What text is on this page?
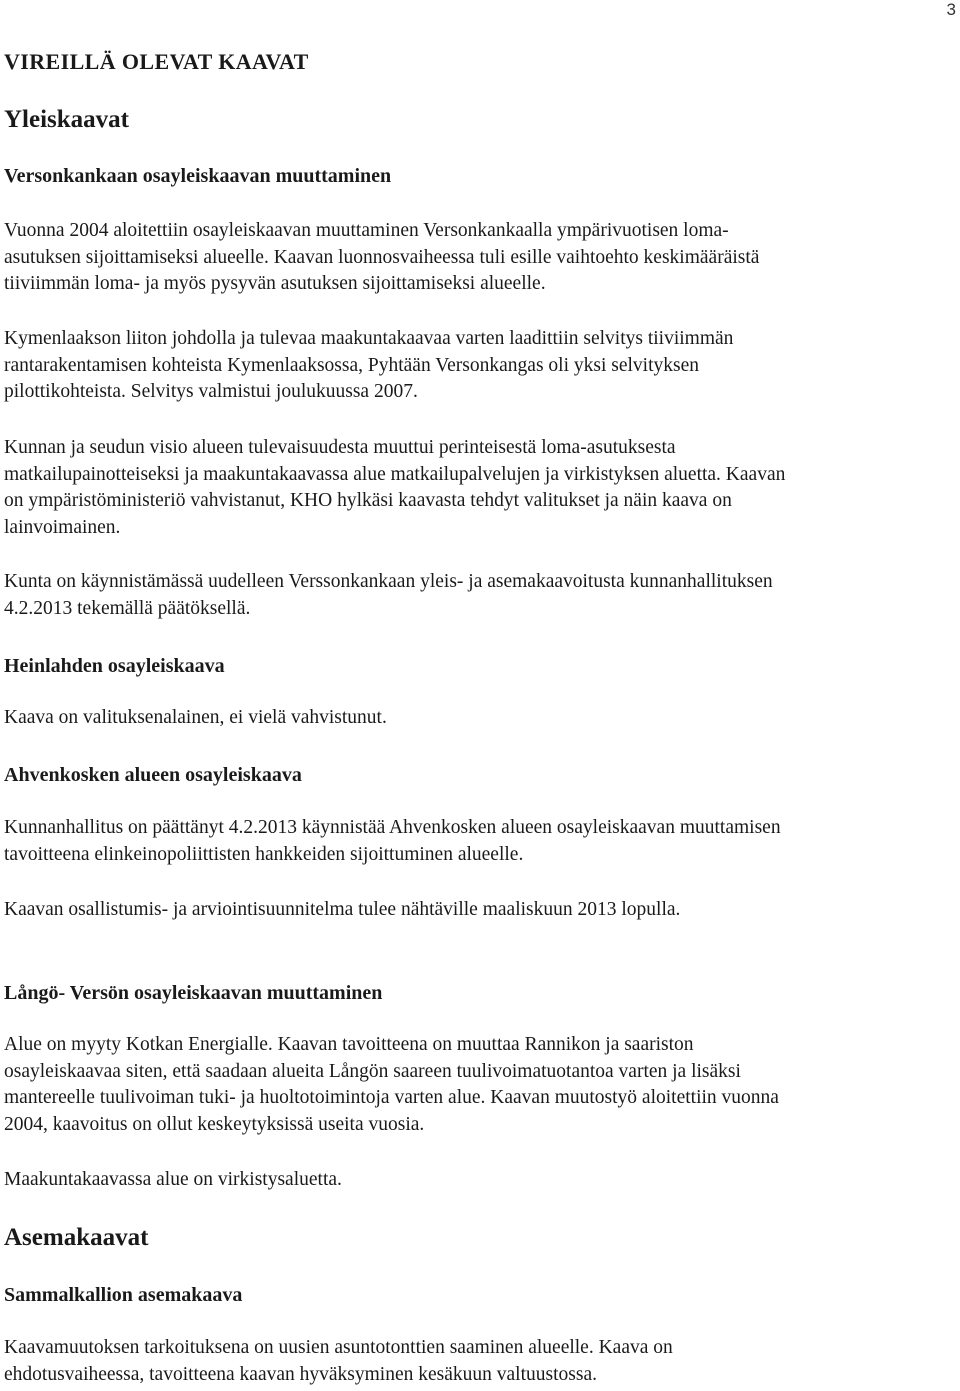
3
VIREILLÄ OLEVAT KAAVAT
Yleiskaavat
Versonkankaan osayleiskaavan muuttaminen
Vuonna 2004 aloitettiin osayleiskaavan muuttaminen Versonkankaalla ympärivuotisen loma-
asutuksen sijoittamiseksi alueelle. Kaavan luonnosvaiheessa tuli esille vaihtoehto keskimääräistä
tiiviimmän loma- ja myös pysyvän asutuksen sijoittamiseksi alueelle.
Kymenlaakson liiton johdolla ja tulevaa maakuntakaavaa varten laadittiin selvitys tiiviimmän
rantarakentamisen kohteista Kymenlaaksossa, Pyhtään Versonkangas oli yksi selvityksen
pilottikohteista. Selvitys valmistui joulukuussa 2007.
Kunnan ja seudun visio alueen tulevaisuudesta muuttui perinteisestä loma-asutuksesta
matkailupainotteiseksi ja maakuntakaavassa alue matkailupalvelujen ja virkistyksen aluetta. Kaavan
on ympäristöministeriö vahvistanut, KHO hylkäsi kaavasta tehdyt valitukset ja näin kaava on
lainvoimainen.
Kunta on käynnistämässä uudelleen Verssonkankaan yleis- ja asemakaavoitusta kunnanhallituksen
4.2.2013 tekemällä päätöksellä.
Heinlahden osayleiskaava
Kaava on valituksenalainen, ei vielä vahvistunut.
Ahvenkosken alueen osayleiskaava
Kunnanhallitus on päättänyt 4.2.2013 käynnistää Ahvenkosken alueen osayleiskaavan muuttamisen
tavoitteena elinkeinopoliittisten hankkeiden sijoittuminen alueelle.
Kaavan osallistumis- ja arviointisuunnitelma tulee nähtäville maaliskuun 2013 lopulla.
Långö- Versön osayleiskaavan muuttaminen
Alue on myyty Kotkan Energialle. Kaavan tavoitteena on muuttaa Rannikon ja saariston
osayleiskaavaa siten, että saadaan alueita Långön saareen tuulivoimatuotantoa varten ja lisäksi
mantereelle tuulivoiman tuki- ja huoltotoimintoja varten alue. Kaavan muutostyö aloitettiin vuonna
2004, kaavoitus on ollut keskeytyksissä useita vuosia.
Maakuntakaavassa alue on virkistysaluetta.
Asemakaavat
Sammalkallion asemakaava
Kaavamuutoksen tarkoituksena on uusien asuntotonttien saaminen alueelle. Kaava on
ehdotusvaiheessa, tavoitteena kaavan hyväksyminen kesäkuun valtuustossa.
